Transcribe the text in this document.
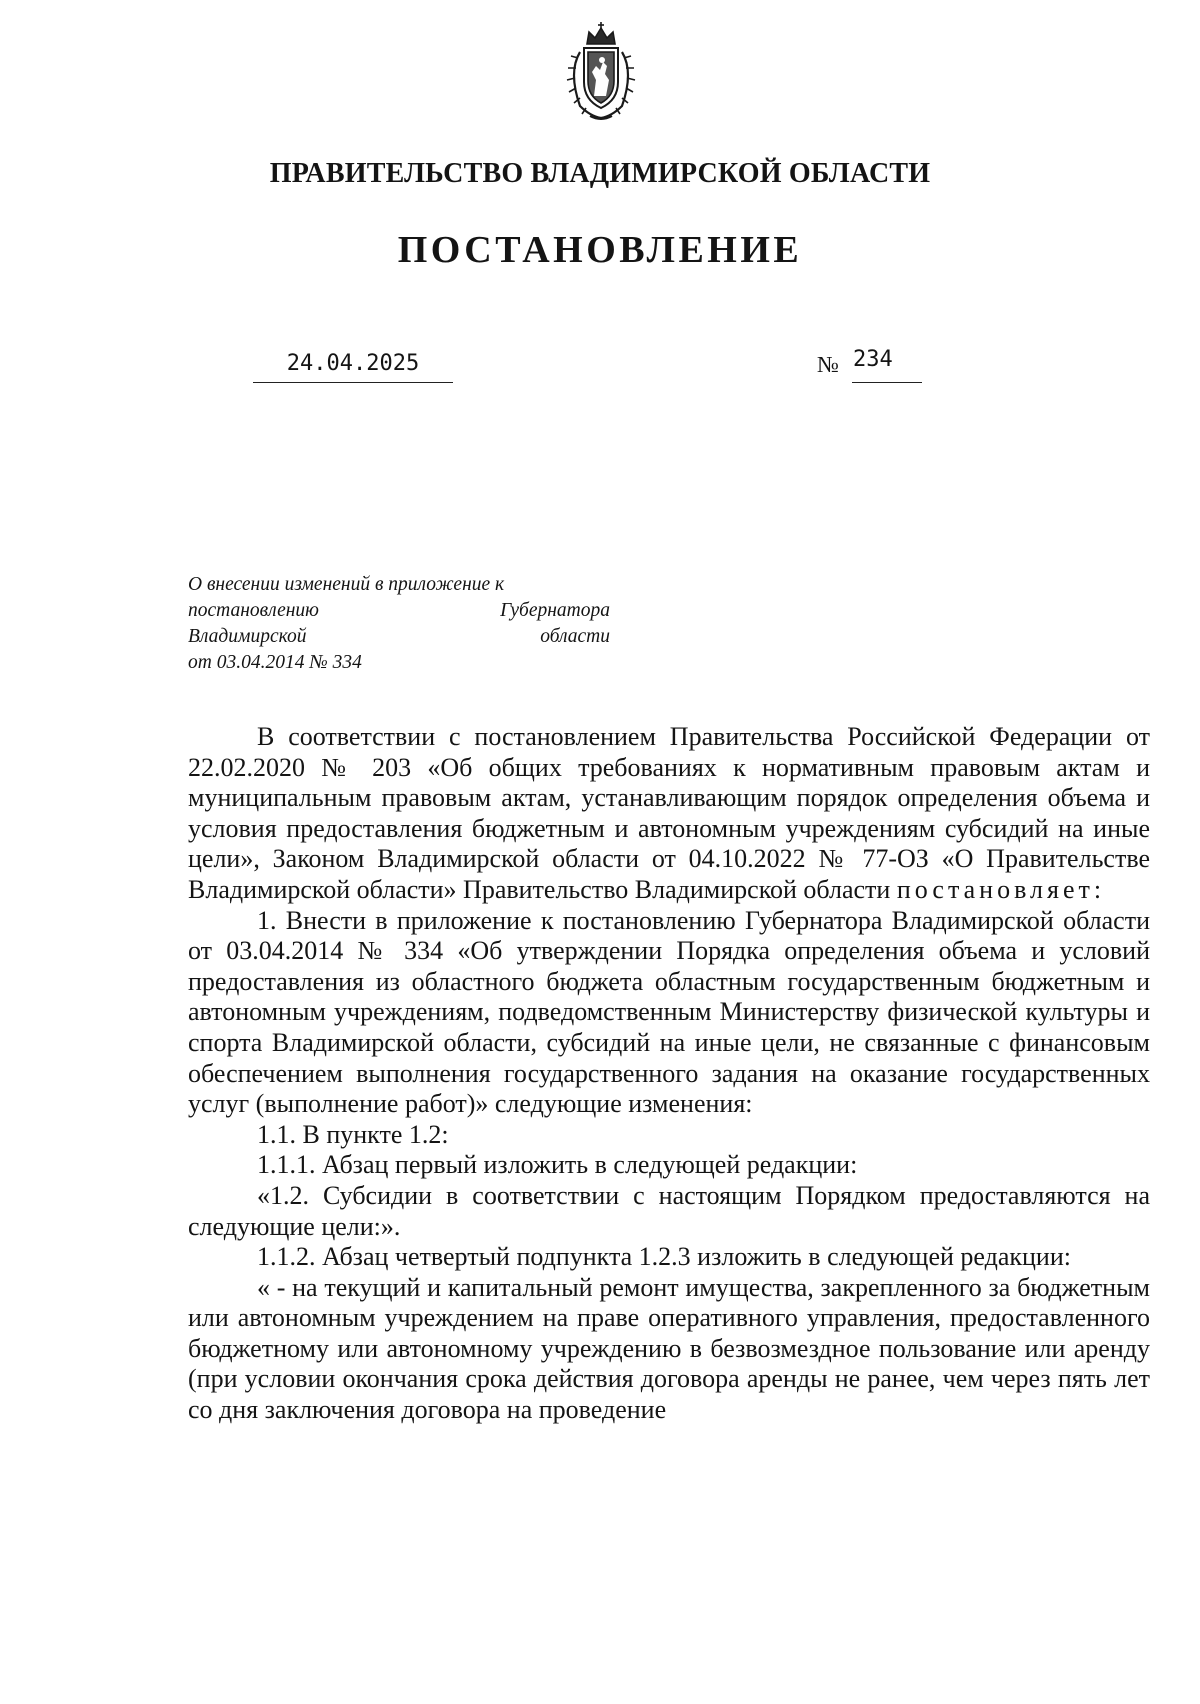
ПРАВИТЕЛЬСТВО ВЛАДИМИРСКОЙ ОБЛАСТИ
ПОСТАНОВЛЕНИЕ
24.04.2025	№ 234
О внесении изменений в приложение к
постановлению	Губернатора
Владимирской	области
от 03.04.2014 № 334

В соответствии с постановлением Правительства Российской Федерации от 22.02.2020 № 203 «Об общих требованиях к нормативным правовым актам и муниципальным правовым актам, устанавливающим порядок определения объема и условия предоставления бюджетным и автономным учреждениям субсидий на иные цели», Законом Владимирской области от 04.10.2022 № 77-ОЗ «О Правительстве Владимирской области» Правительство Владимирской области постановляет:

1. Внести в приложение к постановлению Губернатора Владимирской области от 03.04.2014 № 334 «Об утверждении Порядка определения объема и условий предоставления из областного бюджета областным государственным бюджетным и автономным учреждениям, подведомственным Министерству физической культуры и спорта Владимирской области, субсидий на иные цели, не связанные с финансовым обеспечением выполнения государственного задания на оказание государственных услуг (выполнение работ)» следующие изменения:

1.1. В пункте 1.2:

1.1.1. Абзац первый изложить в следующей редакции:

«1.2. Субсидии в соответствии с настоящим Порядком предоставляются на следующие цели:».

1.1.2. Абзац четвертый подпункта 1.2.3 изложить в следующей редакции:

« - на текущий и капитальный ремонт имущества, закрепленного за бюджетным или автономным учреждением на праве оперативного управления, предоставленного бюджетному или автономному учреждению в безвозмездное пользование или аренду (при условии окончания срока действия договора аренды не ранее, чем через пять лет со дня заключения договора на проведение
